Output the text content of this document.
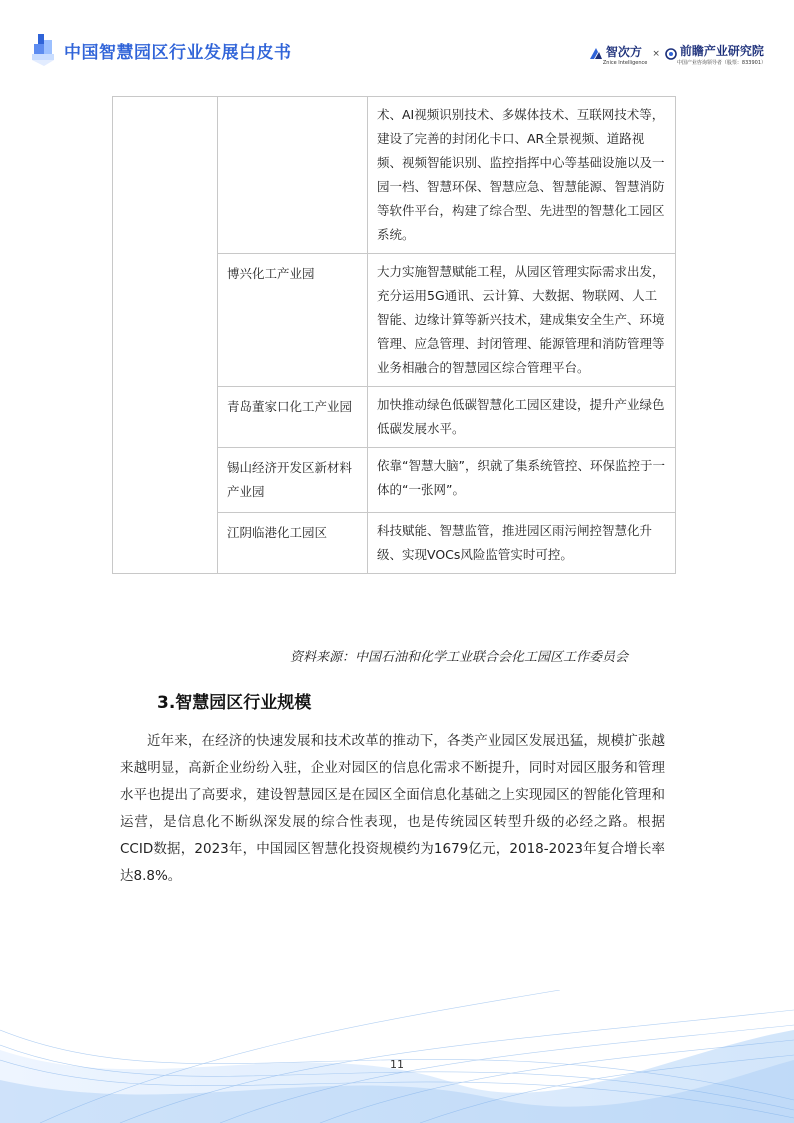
中国智慧园区行业发展白皮书	智次方
Znice Intelligence
× 前瞻产业研究院
中国产业咨询领导者（股票：833901）
		术、AI视频识别技术、多媒体技术、互联网技术等，建设了完善的封闭化卡口、AR全景视频、道路视频、视频智能识别、监控指挥中心等基础设施以及一园一档、智慧环保、智慧应急、智慧能源、智慧消防等软件平台，构建了综合型、先进型的智慧化工园区系统。
	博兴化工产业园	大力实施智慧赋能工程，从园区管理实际需求出发，充分运用5G通讯、云计算、大数据、物联网、人工智能、边缘计算等新兴技术，建成集安全生产、环境管理、应急管理、封闭管理、能源管理和消防管理等业务相融合的智慧园区综合管理平台。
	青岛董家口化工产业园	加快推动绿色低碳智慧化工园区建设，提升产业绿色低碳发展水平。
	锡山经济开发区新材料产业园	依靠“智慧大脑”，织就了集系统管控、环保监控于一体的“一张网”。
	江阴临港化工园区	科技赋能、智慧监管，推进园区雨污闸控智慧化升级、实现VOCs风险监管实时可控。
资料来源：中国石油和化学工业联合会化工园区工作委员会
3.智慧园区行业规模
近年来，在经济的快速发展和技术改革的推动下，各类产业园区发展迅猛，规模扩张越来越明显，高新企业纷纷入驻，企业对园区的信息化需求不断提升，同时对园区服务和管理水平也提出了高要求，建设智慧园区是在园区全面信息化基础之上实现园区的智能化管理和运营，是信息化不断纵深发展的综合性表现，也是传统园区转型升级的必经之路。根据CCID数据，2023年，中国园区智慧化投资规模约为1679亿元，2018-2023年复合增长率达8.8%。
11
